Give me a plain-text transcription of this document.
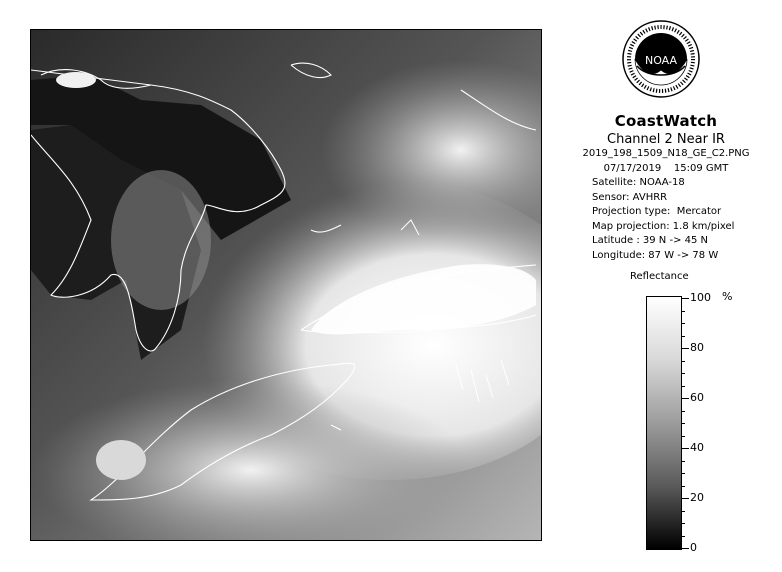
NOAA
CoastWatch
Channel 2 Near IR
2019_198_1509_N18_GE_C2.PNG
07/17/2019    15:09 GMT
Satellite: NOAA-18
Sensor: AVHRR
Projection type: Mercator
Map projection: 1.8 km/pixel
Latitude : 39 N -> 45 N
Longitude: 87 W -> 78 W
Reflectance
%
100
80
60
40
20
0
